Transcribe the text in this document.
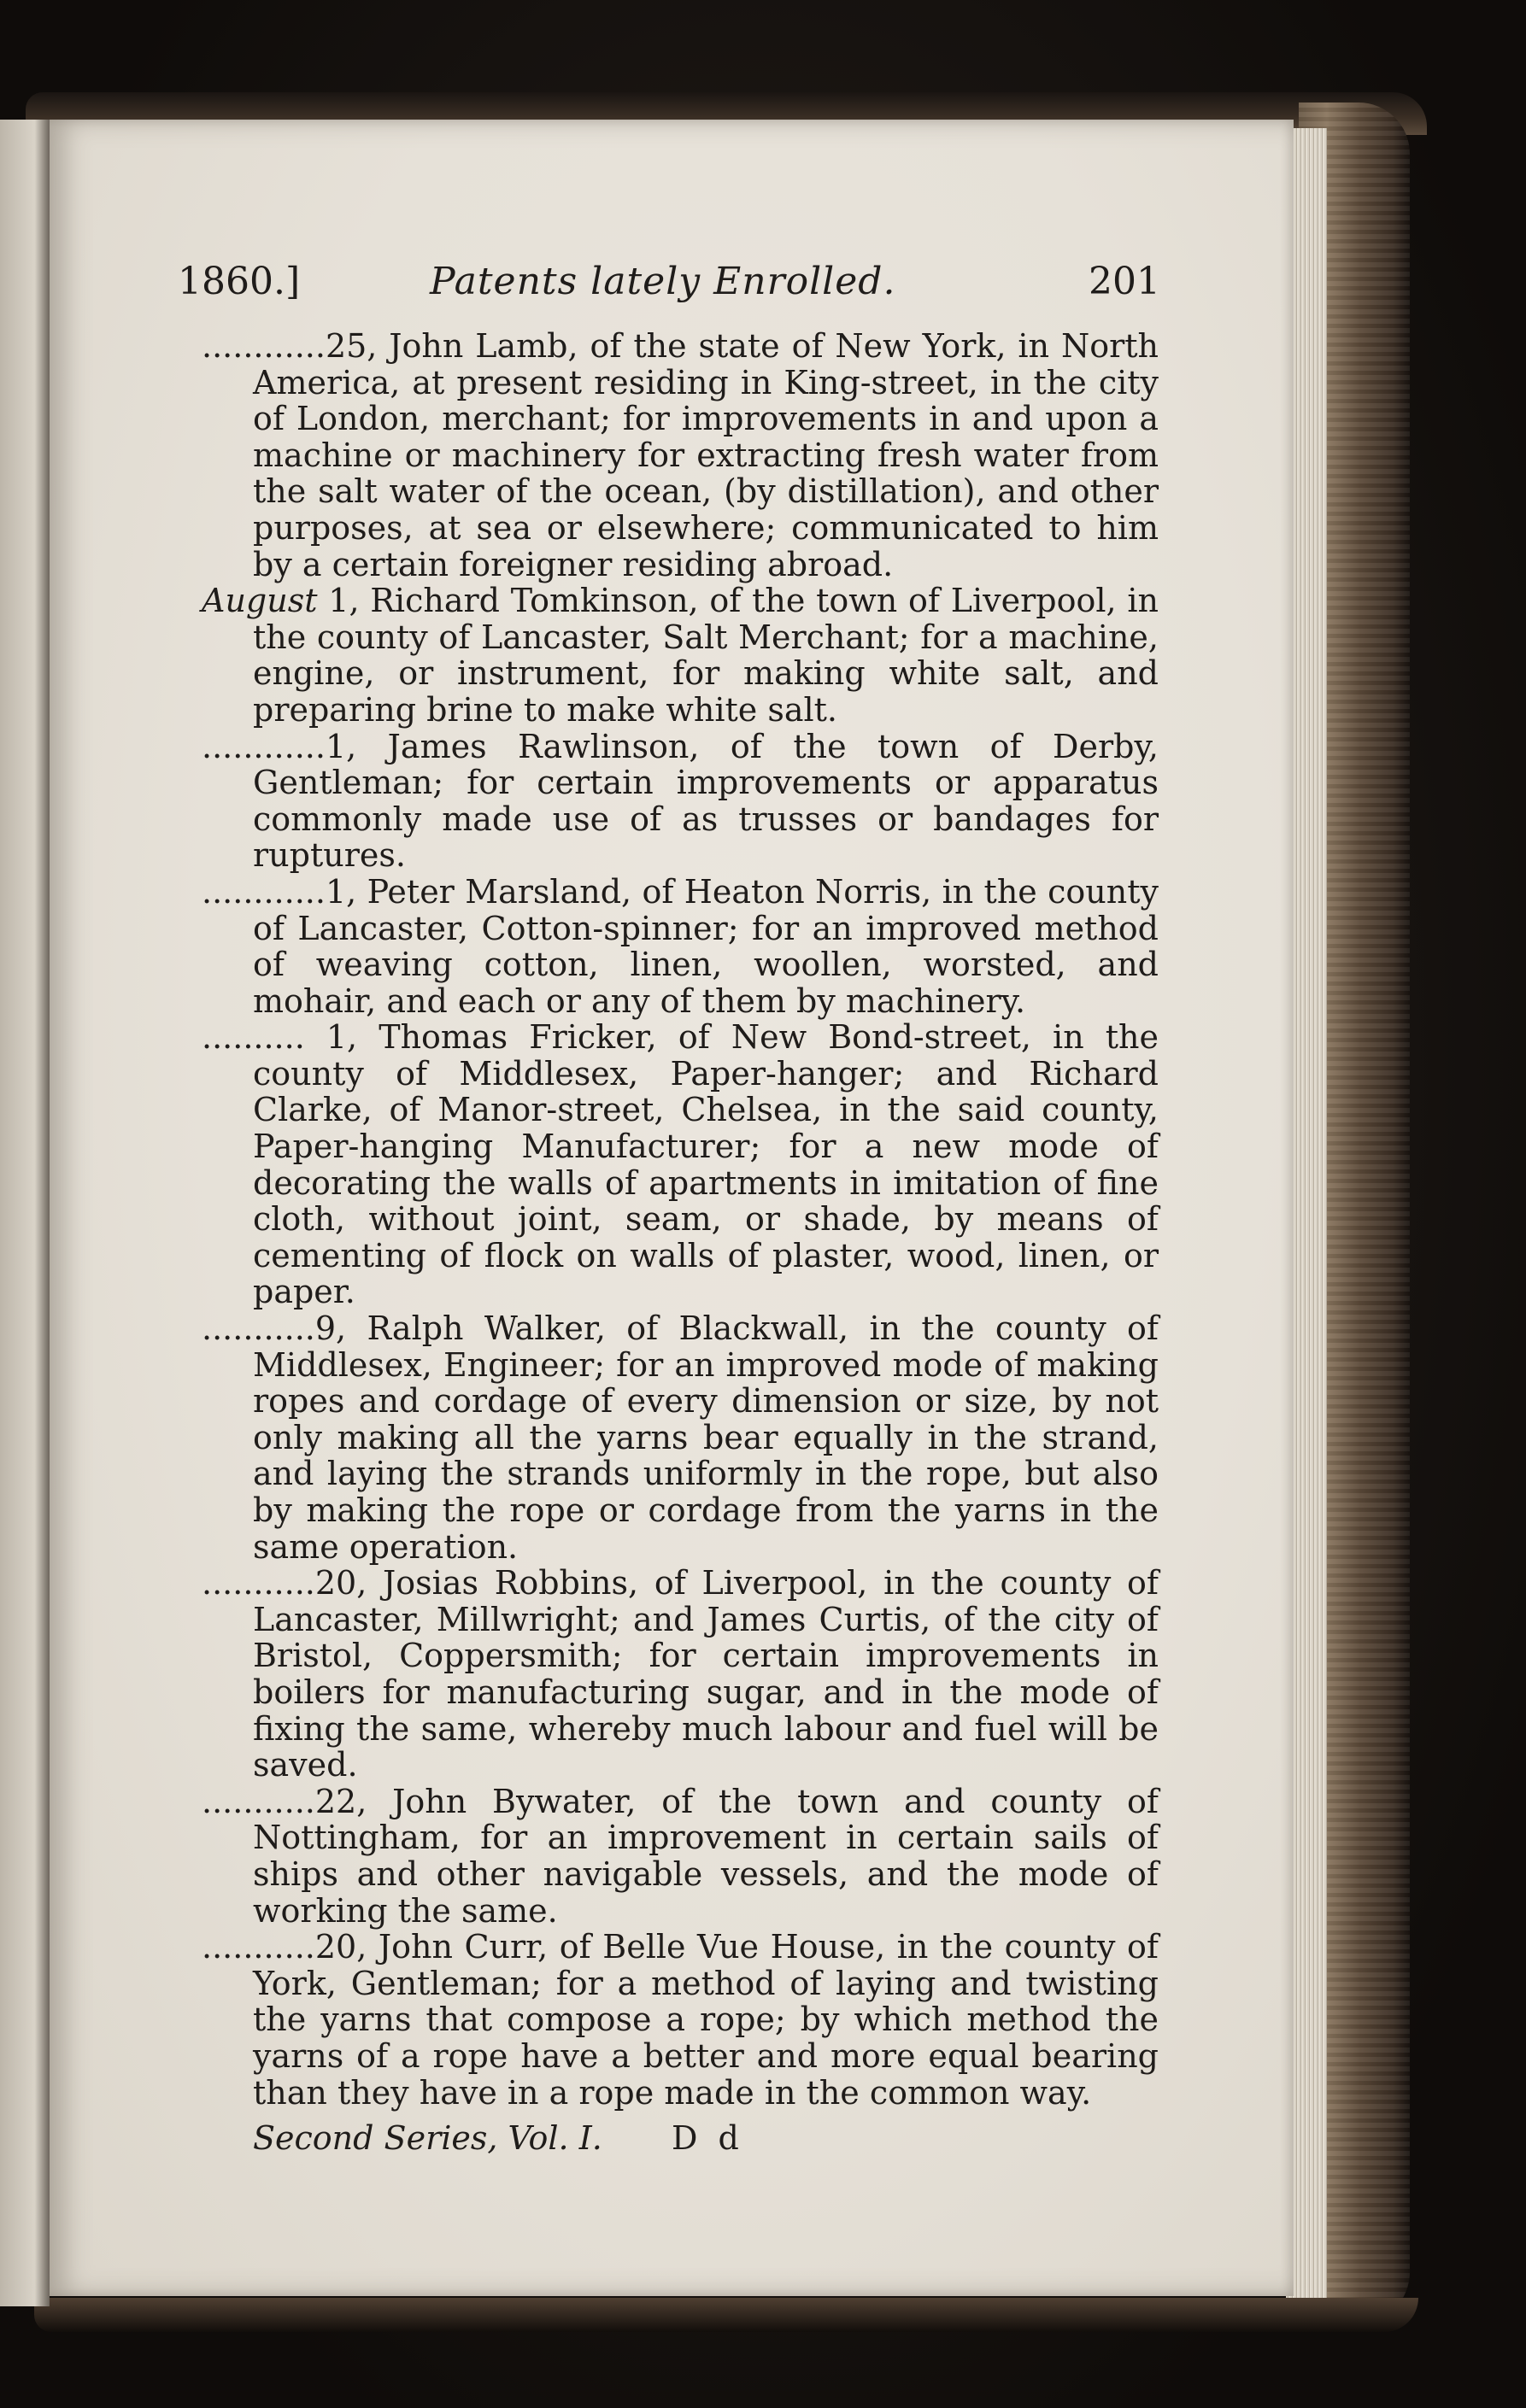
1860.]	Patents lately Enrolled.	201

............25, John Lamb, of the state of New York, in North America, at present residing in King-street, in the city of London, merchant; for improvements in and upon a machine or machinery for extracting fresh water from the salt water of the ocean, (by distillation), and other purposes, at sea or elsewhere; communicated to him by a certain foreigner residing abroad.

August 1, Richard Tomkinson, of the town of Liverpool, in the county of Lancaster, Salt Merchant; for a machine, engine, or instrument, for making white salt, and preparing brine to make white salt.

............1, James Rawlinson, of the town of Derby, Gentleman; for certain improvements or apparatus commonly made use of as trusses or bandages for ruptures.

............1, Peter Marsland, of Heaton Norris, in the county of Lancaster, Cotton-spinner; for an improved method of weaving cotton, linen, woollen, worsted, and mohair, and each or any of them by machinery.

.......... 1, Thomas Fricker, of New Bond-street, in the county of Middlesex, Paper-hanger; and Richard Clarke, of Manor-street, Chelsea, in the said county, Paper-hanging Manufacturer; for a new mode of decorating the walls of apartments in imitation of fine cloth, without joint, seam, or shade, by means of cementing of flock on walls of plaster, wood, linen, or paper.

...........9, Ralph Walker, of Blackwall, in the county of Middlesex, Engineer; for an improved mode of making ropes and cordage of every dimension or size, by not only making all the yarns bear equally in the strand, and laying the strands uniformly in the rope, but also by making the rope or cordage from the yarns in the same operation.

...........20, Josias Robbins, of Liverpool, in the county of Lancaster, Millwright; and James Curtis, of the city of Bristol, Coppersmith; for certain improvements in boilers for manufacturing sugar, and in the mode of fixing the same, whereby much labour and fuel will be saved.

...........22, John Bywater, of the town and county of Nottingham, for an improvement in certain sails of ships and other navigable vessels, and the mode of working the same.

...........20, John Curr, of Belle Vue House, in the county of York, Gentleman; for a method of laying and twisting the yarns that compose a rope; by which method the yarns of a rope have a better and more equal bearing than they have in a rope made in the common way.

Second Series, Vol. I. D d
